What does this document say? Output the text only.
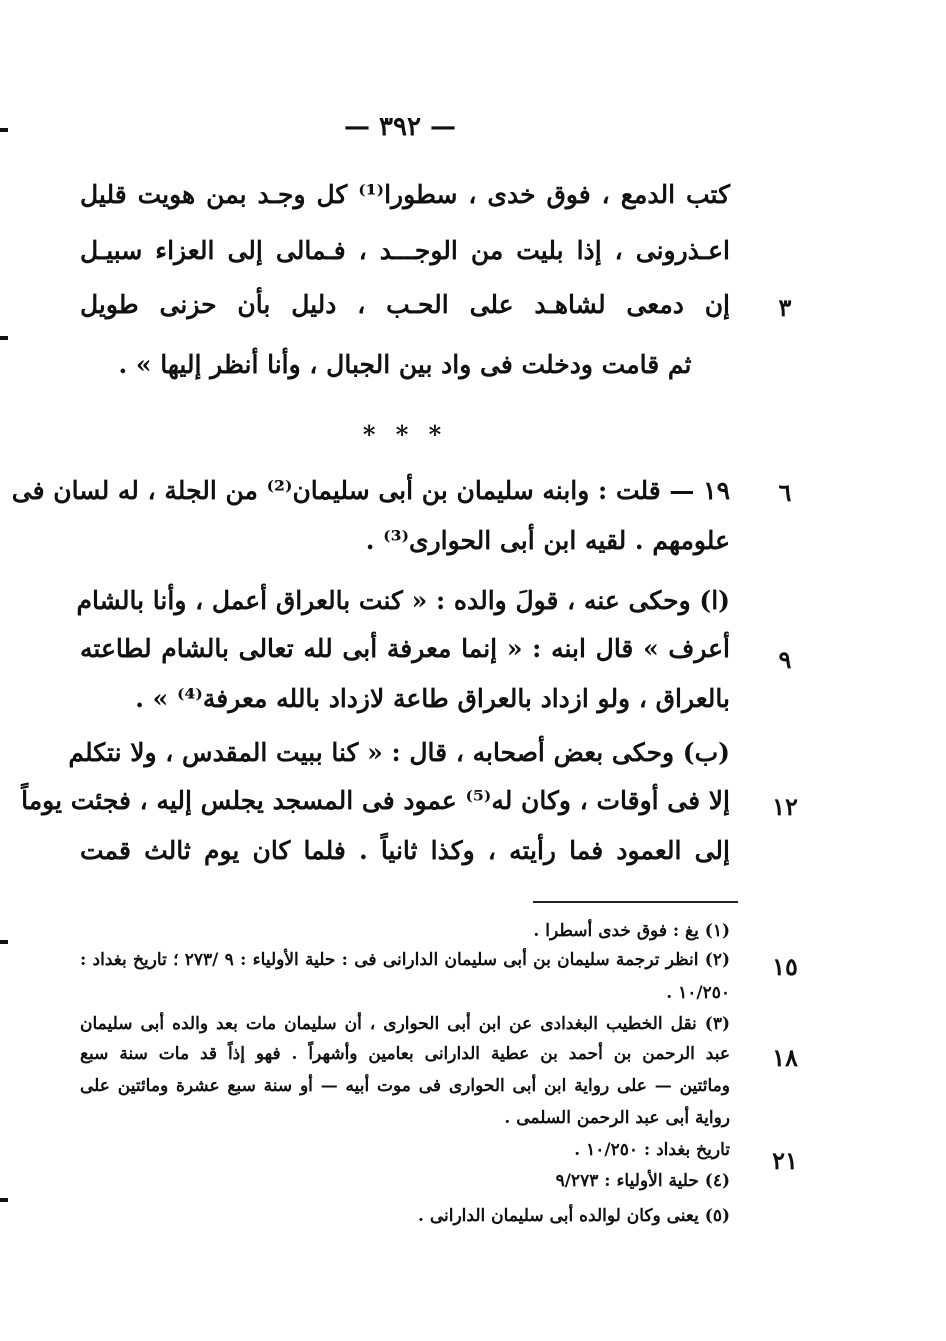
— ٣٩٢ —
كتب الدمع ، فوق خدى ، سطورا⁽¹⁾ كل وجـد بمن هويت قليل
اعـذرونى ، إذا بليت من الوجـــد ، فـمالى إلى العزاء سبيـل
إن دمعى لشاهـد على الحـب ، دليل بأن حزنى طويل	٣
ثم قامت ودخلت فى واد بين الجبال ، وأنا أنظر إليها » .
* * *
١٩ — قلت : وابنه سليمان بن أبى سليمان⁽²⁾ من الجلة ، له لسان فى	٦
علومهم . لقيه ابن أبى الحوارى⁽³⁾ .
(ا) وحكى عنه ، قولَ والده : « كنت بالعراق أعمل ، وأنا بالشام
أعرف » قال ابنه : « إنما معرفة أبى لله تعالى بالشام لطاعته	٩
بالعراق ، ولو ازداد بالعراق طاعة لازداد بالله معرفة⁽⁴⁾ » .
(ب) وحكى بعض أصحابه ، قال : « كنا ببيت المقدس ، ولا نتكلم
إلا فى أوقات ، وكان له⁽⁵⁾ عمود فى المسجد يجلس إليه ، فجئت يوماً	١٢
إلى العمود فما رأيته ، وكذا ثانياً . فلما كان يوم ثالث قمت
(١) يغ : فوق خدى أسطرا .
(٢) انظر ترجمة سليمان بن أبى سليمان الدارانى فى : حلية الأولياء : ٩ /٢٧٣ ؛ تاريخ بغداد :	١٥
١٠/٢٥٠ .
(٣) نقل الخطيب البغدادى عن ابن أبى الحوارى ، أن سليمان مات بعد والده أبى سليمان
عبد الرحمن بن أحمد بن عطية الدارانى بعامين وأشهراً . فهو إذاً قد مات سنة سبع	١٨
ومائتين — على رواية ابن أبى الحوارى فى موت أبيه — أو سنة سبع عشرة ومائتين على
رواية أبى عبد الرحمن السلمى .
تاريخ بغداد : ١٠/٢٥٠ .	٢١
(٤) حلية الأولياء : ٩/٢٧٣
(٥) يعنى وكان لوالده أبى سليمان الدارانى .
